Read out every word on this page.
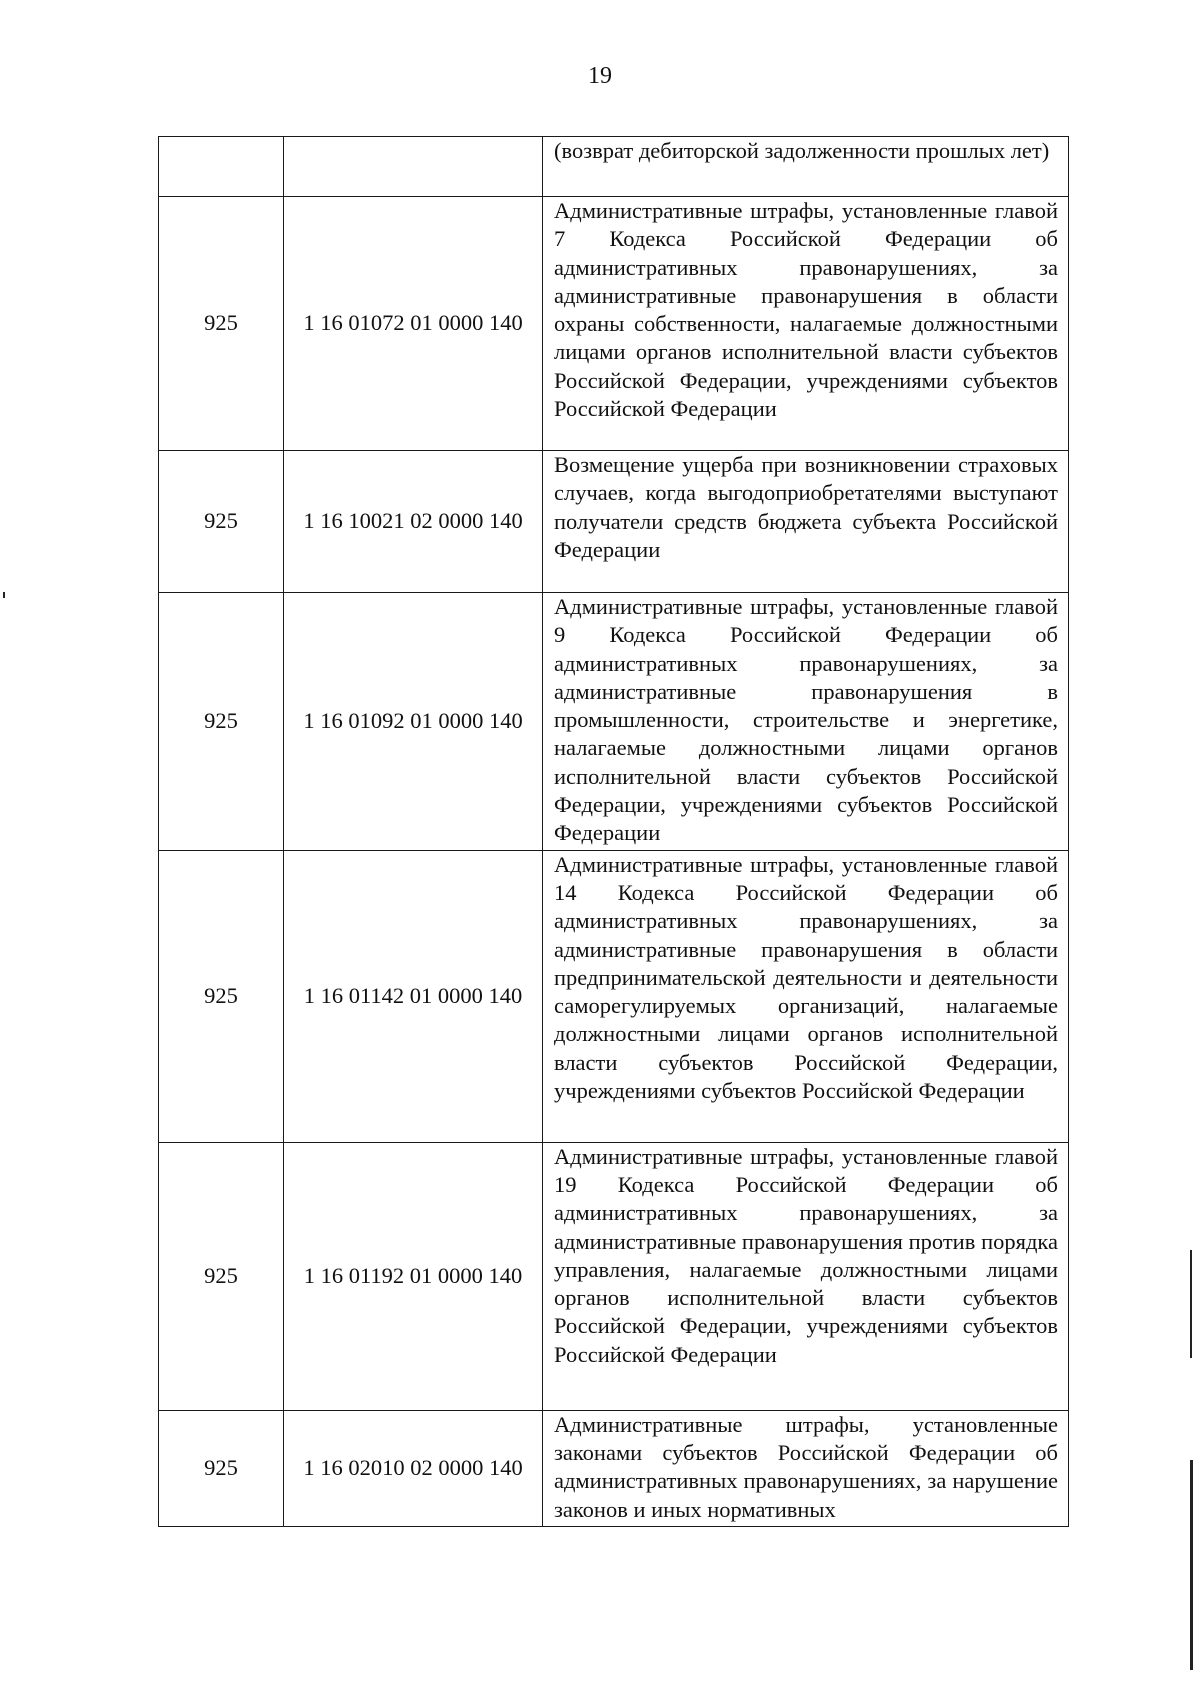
19

		(возврат дебиторской задолженности прошлых лет)

925	1 16 01072 01 0000 140	Административные штрафы, установленные главой 7 Кодекса Российской Федерации об административных правонарушениях, за административные правонарушения в области охраны собственности, налагаемые должностными лицами органов исполнительной власти субъектов Российской Федерации, учреждениями субъектов Российской Федерации

925	1 16 10021 02 0000 140	Возмещение ущерба при возникновении страховых случаев, когда выгодоприобретателями выступают получатели средств бюджета субъекта Российской Федерации

925	1 16 01092 01 0000 140	Административные штрафы, установленные главой 9 Кодекса Российской Федерации об административных правонарушениях, за административные правонарушения в промышленности, строительстве и энергетике, налагаемые должностными лицами органов исполнительной власти субъектов Российской Федерации, учреждениями субъектов Российской Федерации

925	1 16 01142 01 0000 140	Административные штрафы, установленные главой 14 Кодекса Российской Федерации об административных правонарушениях, за административные правонарушения в области предпринимательской деятельности и деятельности саморегулируемых организаций, налагаемые должностными лицами органов исполнительной власти субъектов Российской Федерации, учреждениями субъектов Российской Федерации

925	1 16 01192 01 0000 140	Административные штрафы, установленные главой 19 Кодекса Российской Федерации об административных правонарушениях, за административные правонарушения против порядка управления, налагаемые должностными лицами органов исполнительной власти субъектов Российской Федерации, учреждениями субъектов Российской Федерации

925	1 16 02010 02 0000 140	Административные штрафы, установленные законами субъектов Российской Федерации об административных правонарушениях, за нарушение законов и иных нормативных
